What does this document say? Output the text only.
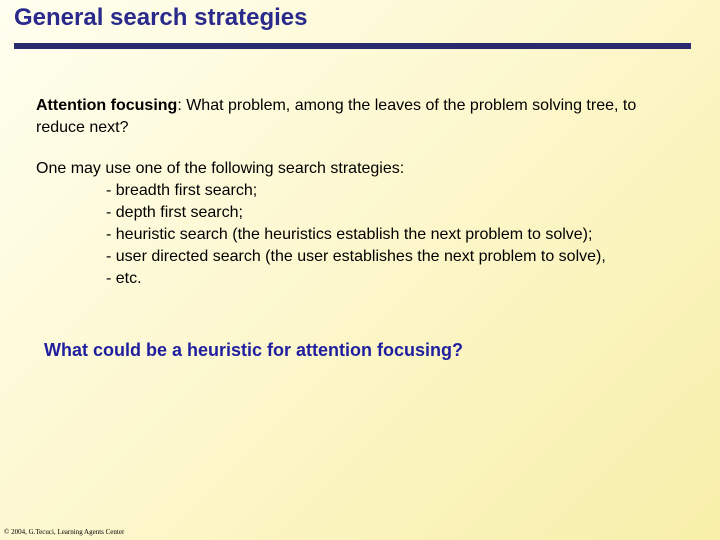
General search strategies
Attention focusing: What problem, among the leaves of the problem solving tree, to reduce next?
One may use one of the following search strategies:
- breadth first search;
- depth first search;
- heuristic search (the heuristics establish the next problem to solve);
- user directed search (the user establishes the next problem to solve),
- etc.
What could be a heuristic for attention focusing?
© 2004, G.Tecuci, Learning Agents Center
